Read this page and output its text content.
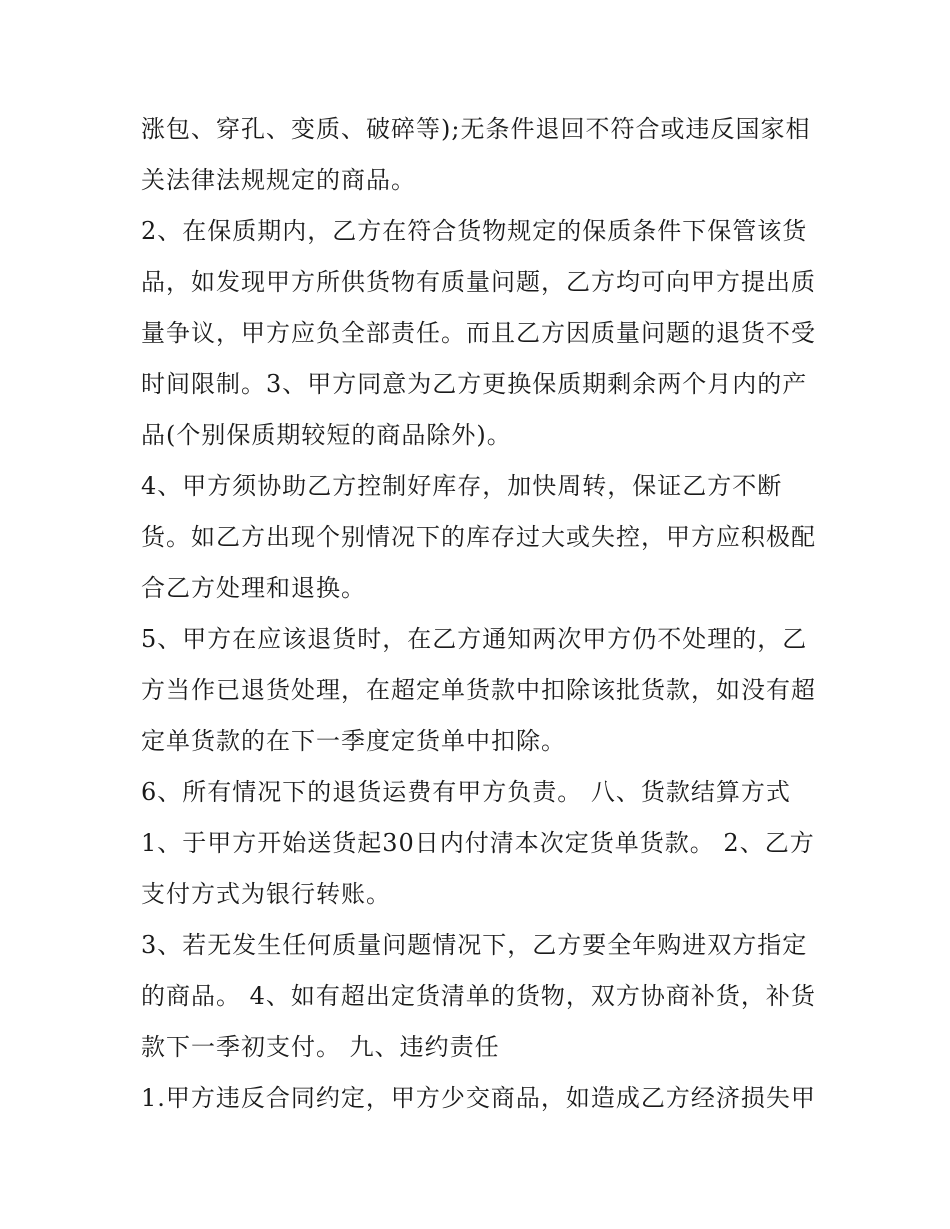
涨包、穿孔、变质、破碎等);无条件退回不符合或违反国家相
关法律法规规定的商品。
2、在保质期内，乙方在符合货物规定的保质条件下保管该货
品，如发现甲方所供货物有质量问题，乙方均可向甲方提出质
量争议，甲方应负全部责任。而且乙方因质量问题的退货不受
时间限制。3、甲方同意为乙方更换保质期剩余两个月内的产
品(个别保质期较短的商品除外)。
4、甲方须协助乙方控制好库存，加快周转，保证乙方不断
货。如乙方出现个别情况下的库存过大或失控，甲方应积极配
合乙方处理和退换。
5、甲方在应该退货时，在乙方通知两次甲方仍不处理的，乙
方当作已退货处理，在超定单货款中扣除该批货款，如没有超
定单货款的在下一季度定货单中扣除。
6、所有情况下的退货运费有甲方负责。 八、货款结算方式
1、于甲方开始送货起30日内付清本次定货单货款。 2、乙方
支付方式为银行转账。
3、若无发生任何质量问题情况下，乙方要全年购进双方指定
的商品。 4、如有超出定货清单的货物，双方协商补货，补货
款下一季初支付。 九、违约责任
1.甲方违反合同约定，甲方少交商品，如造成乙方经济损失甲
